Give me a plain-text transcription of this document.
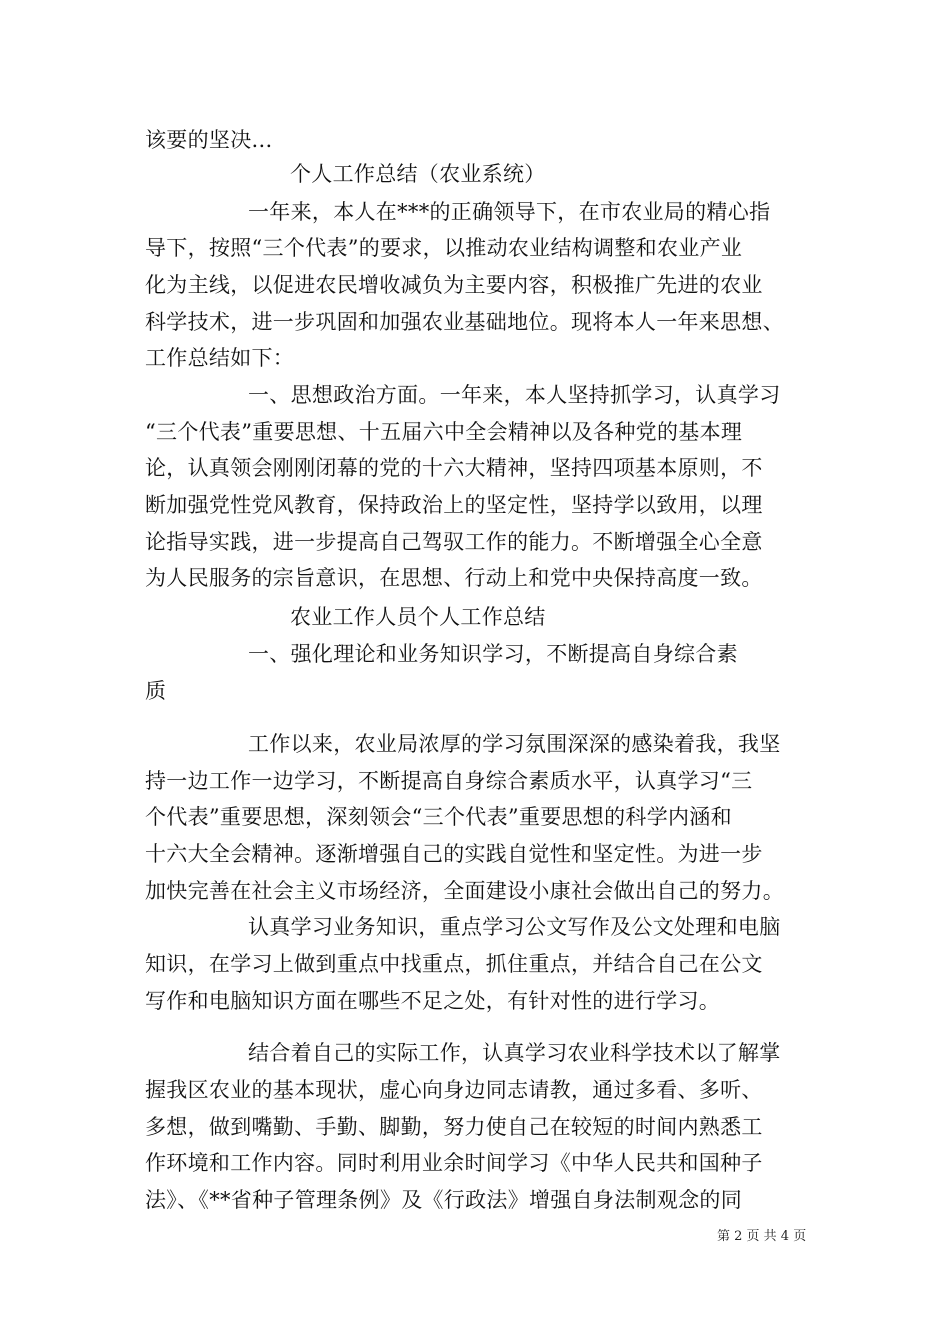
该要的坚决...
个人工作总结（农业系统）
一年来，本人在***的正确领导下，在市农业局的精心指
导下，按照“三个代表”的要求，以推动农业结构调整和农业产业
化为主线，以促进农民增收减负为主要内容，积极推广先进的农业
科学技术，进一步巩固和加强农业基础地位。现将本人一年来思想、
工作总结如下：
一、思想政治方面。一年来，本人坚持抓学习，认真学习
“三个代表”重要思想、十五届六中全会精神以及各种党的基本理
论，认真领会刚刚闭幕的党的十六大精神，坚持四项基本原则，不
断加强党性党风教育，保持政治上的坚定性，坚持学以致用，以理
论指导实践，进一步提高自己驾驭工作的能力。不断增强全心全意
为人民服务的宗旨意识，在思想、行动上和党中央保持高度一致。
农业工作人员个人工作总结
一、强化理论和业务知识学习，不断提高自身综合素
质
工作以来，农业局浓厚的学习氛围深深的感染着我，我坚
持一边工作一边学习，不断提高自身综合素质水平，认真学习“三
个代表”重要思想，深刻领会“三个代表”重要思想的科学内涵和
十六大全会精神。逐渐增强自己的实践自觉性和坚定性。为进一步
加快完善在社会主义市场经济，全面建设小康社会做出自己的努力。
认真学习业务知识，重点学习公文写作及公文处理和电脑
知识，在学习上做到重点中找重点，抓住重点，并结合自己在公文
写作和电脑知识方面在哪些不足之处，有针对性的进行学习。
结合着自己的实际工作，认真学习农业科学技术以了解掌
握我区农业的基本现状，虚心向身边同志请教，通过多看、多听、
多想，做到嘴勤、手勤、脚勤，努力使自己在较短的时间内熟悉工
作环境和工作内容。同时利用业余时间学习《中华人民共和国种子
法》、《**省种子管理条例》及《行政法》增强自身法制观念的同
第 2 页 共 4 页
